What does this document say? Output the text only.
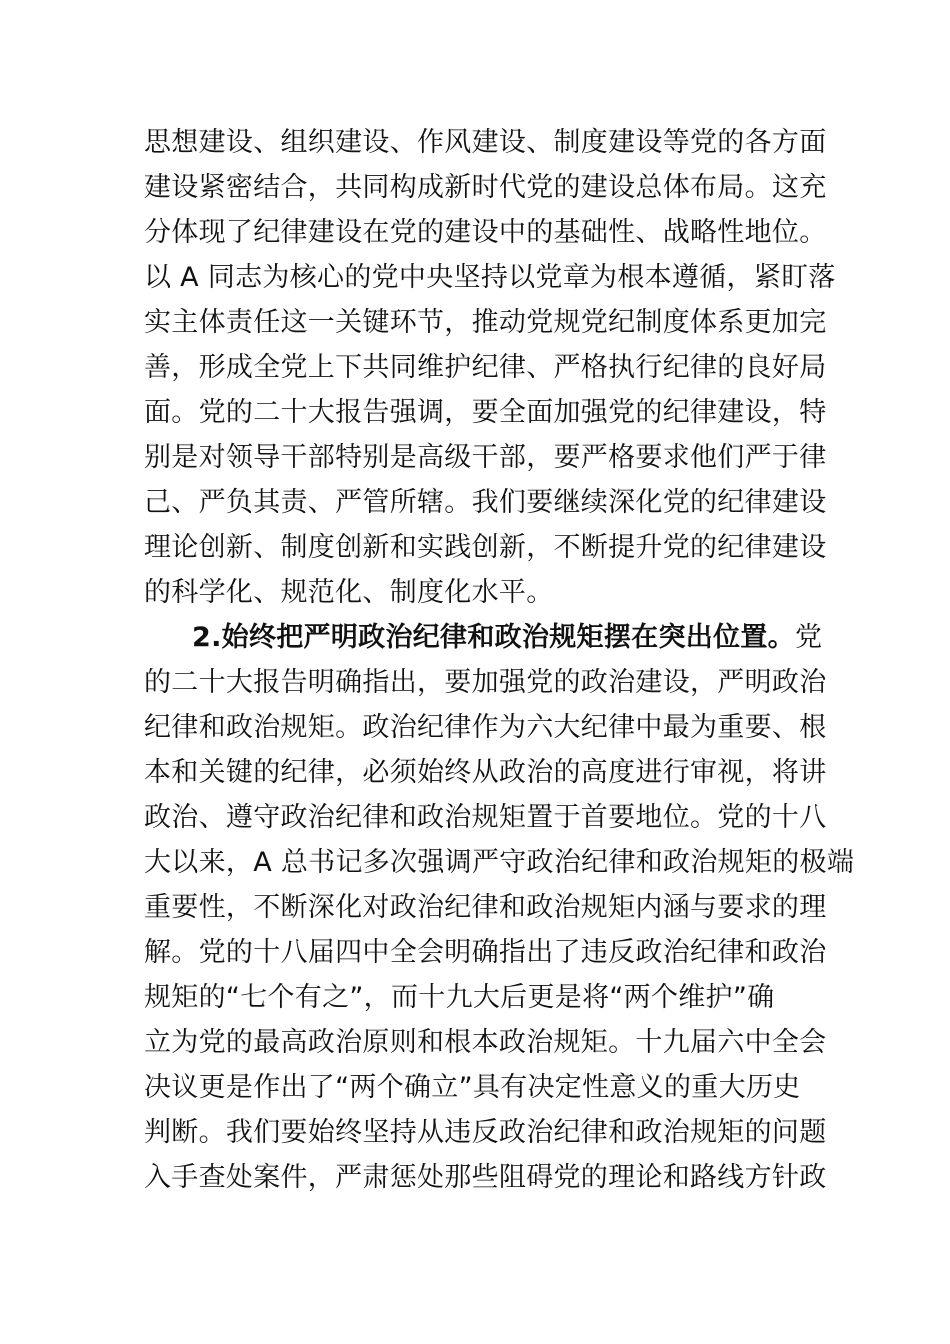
思想建设、组织建设、作风建设、制度建设等党的各方面
建设紧密结合，共同构成新时代党的建设总体布局。这充
分体现了纪律建设在党的建设中的基础性、战略性地位。
以 A 同志为核心的党中央坚持以党章为根本遵循，紧盯落
实主体责任这一关键环节，推动党规党纪制度体系更加完
善，形成全党上下共同维护纪律、严格执行纪律的良好局
面。党的二十大报告强调，要全面加强党的纪律建设，特
别是对领导干部特别是高级干部，要严格要求他们严于律
己、严负其责、严管所辖。我们要继续深化党的纪律建设
理论创新、制度创新和实践创新，不断提升党的纪律建设
的科学化、规范化、制度化水平。
2.始终把严明政治纪律和政治规矩摆在突出位置。党
的二十大报告明确指出，要加强党的政治建设，严明政治
纪律和政治规矩。政治纪律作为六大纪律中最为重要、根
本和关键的纪律，必须始终从政治的高度进行审视，将讲
政治、遵守政治纪律和政治规矩置于首要地位。党的十八
大以来，A 总书记多次强调严守政治纪律和政治规矩的极端
重要性，不断深化对政治纪律和政治规矩内涵与要求的理
解。党的十八届四中全会明确指出了违反政治纪律和政治
规矩的“七个有之”，而十九大后更是将“两个维护”确
立为党的最高政治原则和根本政治规矩。十九届六中全会
决议更是作出了“两个确立”具有决定性意义的重大历史
判断。我们要始终坚持从违反政治纪律和政治规矩的问题
入手查处案件，严肃惩处那些阻碍党的理论和路线方针政
